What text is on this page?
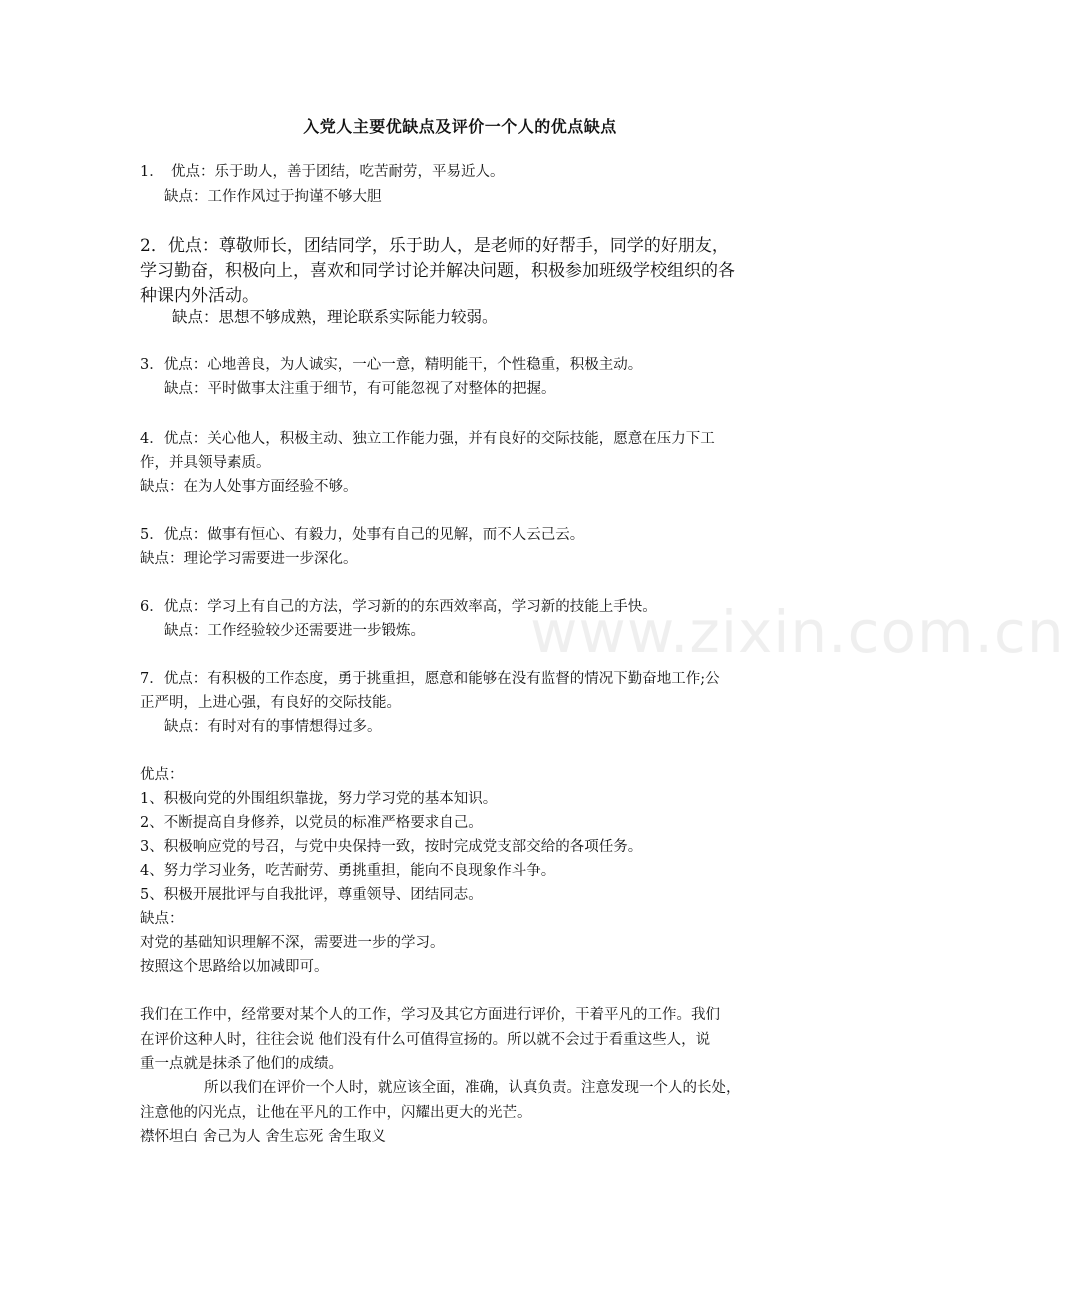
www.zixin.com.cn
入党人主要优缺点及评价一个人的优点缺点
1．　优点：乐于助人，善于团结，吃苦耐劳，平易近人。
缺点：工作作风过于拘谨不够大胆
2．优点：尊敬师长，团结同学，乐于助人，是老师的好帮手，同学的好朋友，
学习勤奋，积极向上，喜欢和同学讨论并解决问题，积极参加班级学校组织的各
种课内外活动。
缺点：思想不够成熟，理论联系实际能力较弱。
3．优点：心地善良，为人诚实，一心一意，精明能干，个性稳重，积极主动。
缺点：平时做事太注重于细节，有可能忽视了对整体的把握。
4．优点：关心他人，积极主动、独立工作能力强，并有良好的交际技能，愿意在压力下工
作，并具领导素质。
缺点：在为人处事方面经验不够。
5．优点：做事有恒心、有毅力，处事有自己的见解，而不人云己云。
缺点：理论学习需要进一步深化。
6．优点：学习上有自己的方法，学习新的的东西效率高，学习新的技能上手快。
缺点：工作经验较少还需要进一步锻炼。
7．优点：有积极的工作态度，勇于挑重担，愿意和能够在没有监督的情况下勤奋地工作;公
正严明，上进心强，有良好的交际技能。
缺点：有时对有的事情想得过多。
优点：
1、积极向党的外围组织靠拢，努力学习党的基本知识。
2、不断提高自身修养，以党员的标准严格要求自己。
3、积极响应党的号召，与党中央保持一致，按时完成党支部交给的各项任务。
4、努力学习业务，吃苦耐劳、勇挑重担，能向不良现象作斗争。
5、积极开展批评与自我批评，尊重领导、团结同志。
缺点：
对党的基础知识理解不深，需要进一步的学习。
按照这个思路给以加减即可。
我们在工作中，经常要对某个人的工作，学习及其它方面进行评价，干着平凡的工作。我们
在评价这种人时，往往会说 他们没有什么可值得宣扬的。所以就不会过于看重这些人，说
重一点就是抹杀了他们的成绩。
所以我们在评价一个人时，就应该全面，准确，认真负责。注意发现一个人的长处，
注意他的闪光点，让他在平凡的工作中，闪耀出更大的光芒。
襟怀坦白 舍己为人 舍生忘死 舍生取义
